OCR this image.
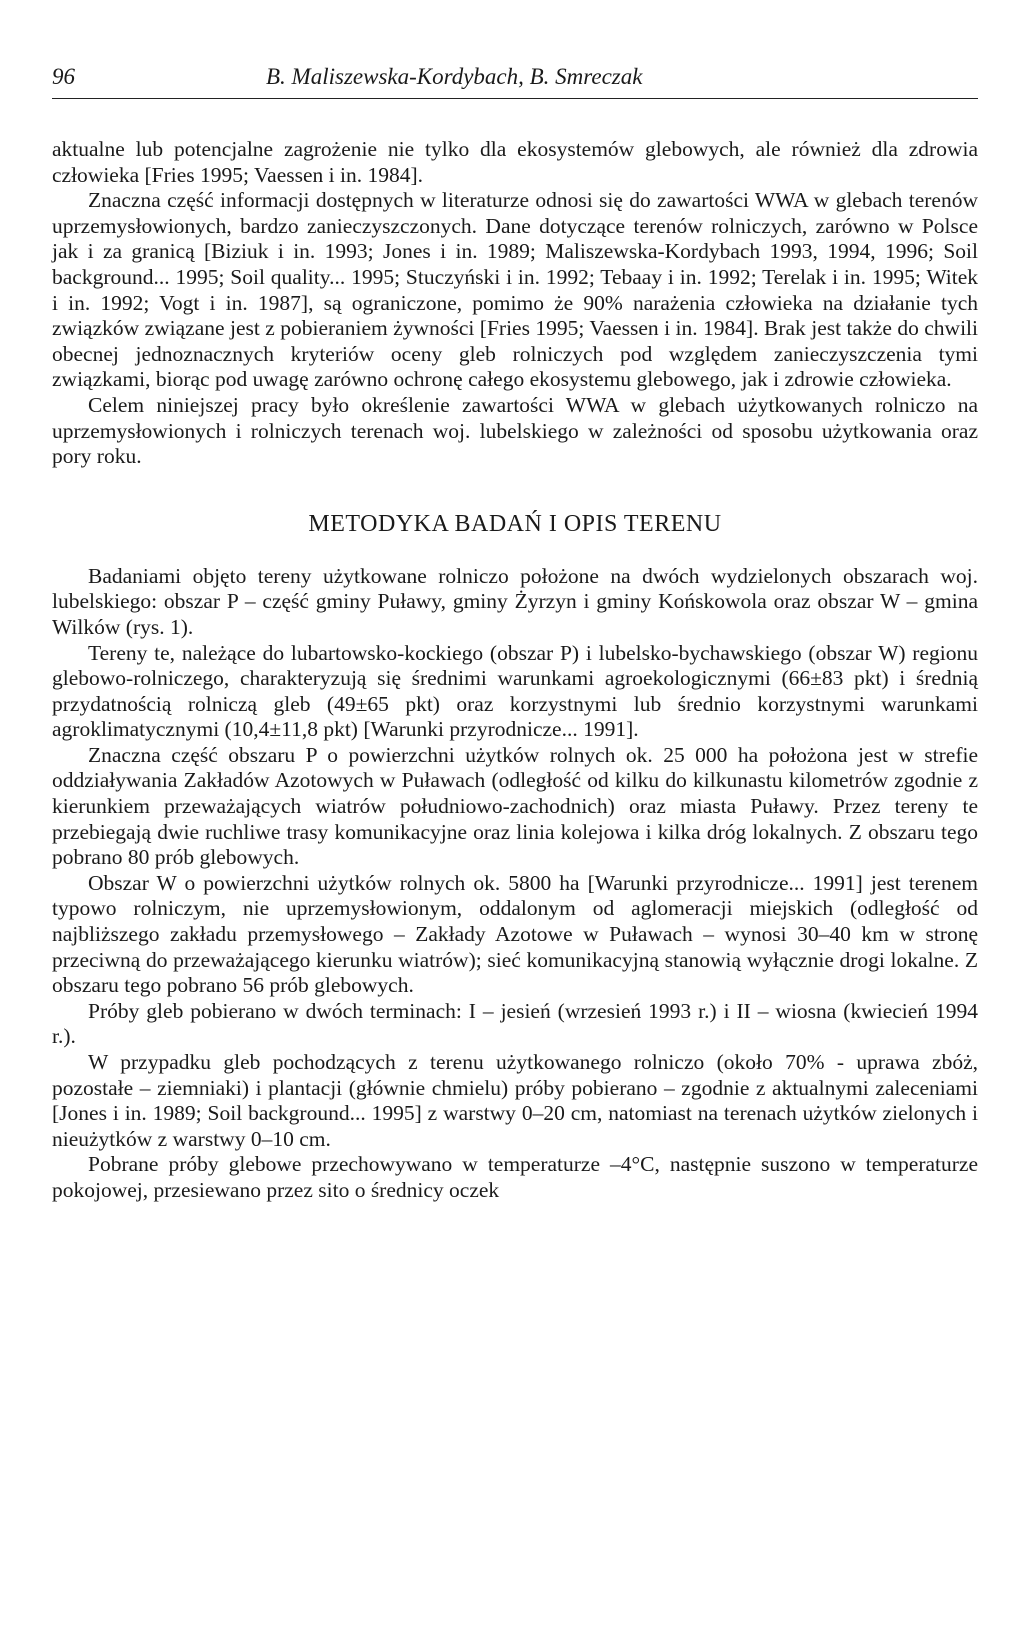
96	B. Maliszewska-Kordybach, B. Smreczak

aktualne lub potencjalne zagrożenie nie tylko dla ekosystemów glebowych, ale również dla zdrowia człowieka [Fries 1995; Vaessen i in. 1984].

Znaczna część informacji dostępnych w literaturze odnosi się do zawartości WWA w glebach terenów uprzemysłowionych, bardzo zanieczyszczonych. Dane dotyczące terenów rolniczych, zarówno w Polsce jak i za granicą [Biziuk i in. 1993; Jones i in. 1989; Maliszewska-Kordybach 1993, 1994, 1996; Soil background... 1995; Soil quality... 1995; Stuczyński i in. 1992; Tebaay i in. 1992; Terelak i in. 1995; Witek i in. 1992; Vogt i in. 1987], są ograniczone, pomimo że 90% narażenia człowieka na działanie tych związków związane jest z pobieraniem żywności [Fries 1995; Vaessen i in. 1984]. Brak jest także do chwili obecnej jednoznacznych kryteriów oceny gleb rolniczych pod względem zanieczyszczenia tymi związkami, biorąc pod uwagę zarówno ochronę całego ekosystemu glebowego, jak i zdrowie człowieka.

Celem niniejszej pracy było określenie zawartości WWA w glebach użytkowanych rolniczo na uprzemysłowionych i rolniczych terenach woj. lubelskiego w zależności od sposobu użytkowania oraz pory roku.

METODYKA BADAŃ I OPIS TERENU

Badaniami objęto tereny użytkowane rolniczo położone na dwóch wydzielonych obszarach woj. lubelskiego: obszar P – część gminy Puławy, gminy Żyrzyn i gminy Końskowola oraz obszar W – gmina Wilków (rys. 1).

Tereny te, należące do lubartowsko-kockiego (obszar P) i lubelsko-bychawskiego (obszar W) regionu glebowo-rolniczego, charakteryzują się średnimi warunkami agroekologicznymi (66±83 pkt) i średnią przydatnością rolniczą gleb (49±65 pkt) oraz korzystnymi lub średnio korzystnymi warunkami agroklimatycznymi (10,4±11,8 pkt) [Warunki przyrodnicze... 1991].

Znaczna część obszaru P o powierzchni użytków rolnych ok. 25 000 ha położona jest w strefie oddziaływania Zakładów Azotowych w Puławach (odległość od kilku do kilkunastu kilometrów zgodnie z kierunkiem przeważających wiatrów południowo-zachodnich) oraz miasta Puławy. Przez tereny te przebiegają dwie ruchliwe trasy komunikacyjne oraz linia kolejowa i kilka dróg lokalnych. Z obszaru tego pobrano 80 prób glebowych.

Obszar W o powierzchni użytków rolnych ok. 5800 ha [Warunki przyrodnicze... 1991] jest terenem typowo rolniczym, nie uprzemysłowionym, oddalonym od aglomeracji miejskich (odległość od najbliższego zakładu przemysłowego – Zakłady Azotowe w Puławach – wynosi 30–40 km w stronę przeciwną do przeważającego kierunku wiatrów); sieć komunikacyjną stanowią wyłącznie drogi lokalne. Z obszaru tego pobrano 56 prób glebowych.

Próby gleb pobierano w dwóch terminach: I – jesień (wrzesień 1993 r.) i II – wiosna (kwiecień 1994 r.).

W przypadku gleb pochodzących z terenu użytkowanego rolniczo (około 70% - uprawa zbóż, pozostałe – ziemniaki) i plantacji (głównie chmielu) próby pobierano – zgodnie z aktualnymi zaleceniami [Jones i in. 1989; Soil background... 1995] z warstwy 0–20 cm, natomiast na terenach użytków zielonych i nieużytków z warstwy 0–10 cm.

Pobrane próby glebowe przechowywano w temperaturze –4°C, następnie suszono w temperaturze pokojowej, przesiewano przez sito o średnicy oczek
